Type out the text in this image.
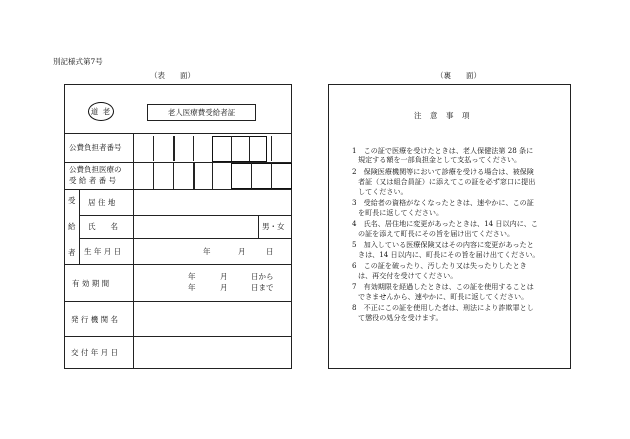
別記様式第7号
（表　　面）	（裏　　面）
道 老	老人医療費受給者証
公費負担者番号
公費負担医療の
受 給 者 番 号
受
給
者
居 住 地
氏　　名	男・女
生 年 月 日	年	月	日
有 効 期 間
年	月	日から
年	月	日まで
発 行 機 関 名
交 付 年 月 日
注　意　事　項
1　この証で医療を受けたときは、老人保健法第 28 条に
規定する額を一部負担金として支払ってください。
2　保険医療機関等において診療を受ける場合は、被保険
者証（又は組合員証）に添えてこの証を必ず窓口に提出
してください。
3　受給者の資格がなくなったときは、速やかに、この証
を町長に返してください。
4　氏名、居住地に変更があったときは、14 日以内に、こ
の証を添えて町長にその旨を届け出てください。
5　加入している医療保険又はその内容に変更があったと
きは、14 日以内に、町長にその旨を届け出てください。
6　この証を破ったり、汚したり又は失ったりしたとき
は、再交付を受けてください。
7　有効期限を経過したときは、この証を使用することは
できませんから、速やかに、町長に返してください。
8　不正にこの証を使用した者は、刑法により詐欺罪とし
て懲役の処分を受けます。
